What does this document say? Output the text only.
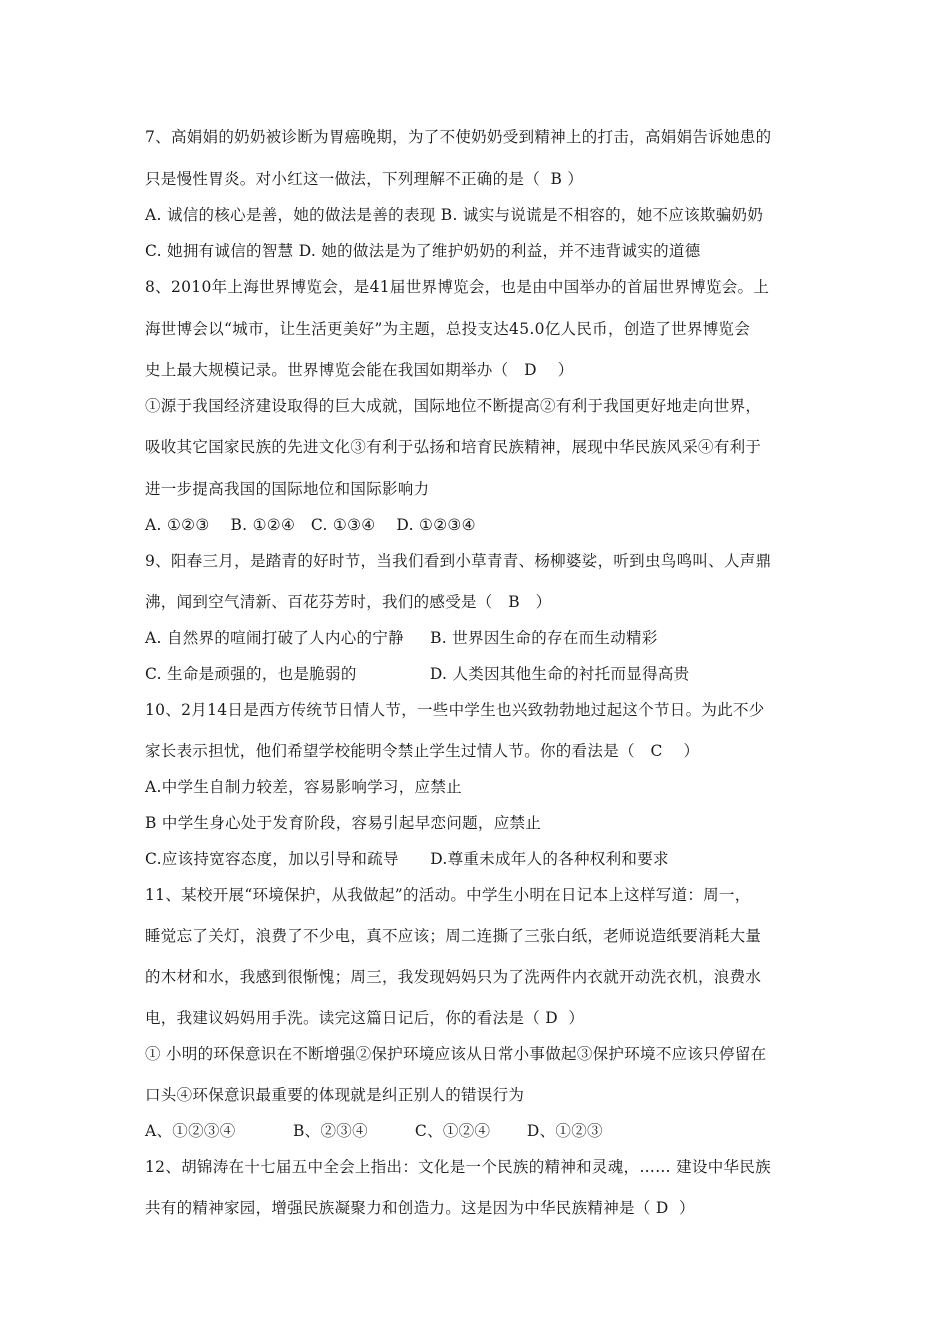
7、高娟娟的奶奶被诊断为胃癌晚期，为了不使奶奶受到精神上的打击，高娟娟告诉她患的
只是慢性胃炎。对小红这一做法，下列理解不正确的是（  B ）
A. 诚信的核心是善，她的做法是善的表现 B. 诚实与说谎是不相容的，她不应该欺骗奶奶
C. 她拥有诚信的智慧 D. 她的做法是为了维护奶奶的利益，并不违背诚实的道德
8、2010年上海世界博览会，是41届世界博览会，也是由中国举办的首届世界博览会。上
海世博会以“城市，让生活更美好”为主题，总投支达45.0亿人民币，创造了世界博览会
史上最大规模记录。世界博览会能在我国如期举办（   D    ）
①源于我国经济建设取得的巨大成就，国际地位不断提高②有利于我国更好地走向世界，
吸收其它国家民族的先进文化③有利于弘扬和培育民族精神，展现中华民族风采④有利于
进一步提高我国的国际地位和国际影响力
A. ①②③    B. ①②④   C. ①③④    D. ①②③④
9、阳春三月，是踏青的好时节，当我们看到小草青青、杨柳婆娑，听到虫鸟鸣叫、人声鼎
沸，闻到空气清新、百花芬芳时，我们的感受是（   B   ）
A. 自然界的喧闹打破了人内心的宁静     B. 世界因生命的存在而生动精彩
C. 生命是顽强的，也是脆弱的              D. 人类因其他生命的衬托而显得高贵
10、2月14日是西方传统节日情人节，一些中学生也兴致勃勃地过起这个节日。为此不少
家长表示担忧，他们希望学校能明令禁止学生过情人节。你的看法是（   C    ）
A.中学生自制力较差，容易影响学习，应禁止
B 中学生身心处于发育阶段，容易引起早恋问题，应禁止
C.应该持宽容态度，加以引导和疏导      D.尊重未成年人的各种权利和要求
11、某校开展“环境保护，从我做起”的活动。中学生小明在日记本上这样写道：周一，
睡觉忘了关灯，浪费了不少电，真不应该；周二连撕了三张白纸，老师说造纸要消耗大量
的木材和水，我感到很惭愧；周三，我发现妈妈只为了洗两件内衣就开动洗衣机，浪费水
电，我建议妈妈用手洗。读完这篇日记后，你的看法是（ D  ）
① 小明的环保意识在不断增强②保护环境应该从日常小事做起③保护环境不应该只停留在
口头④环保意识最重要的体现就是纠正别人的错误行为
A、①②③④           B、②③④         C、①②④       D、①②③
12、胡锦涛在十七届五中全会上指出：文化是一个民族的精神和灵魂，…… 建设中华民族
共有的精神家园，增强民族凝聚力和创造力。这是因为中华民族精神是（ D  ）
